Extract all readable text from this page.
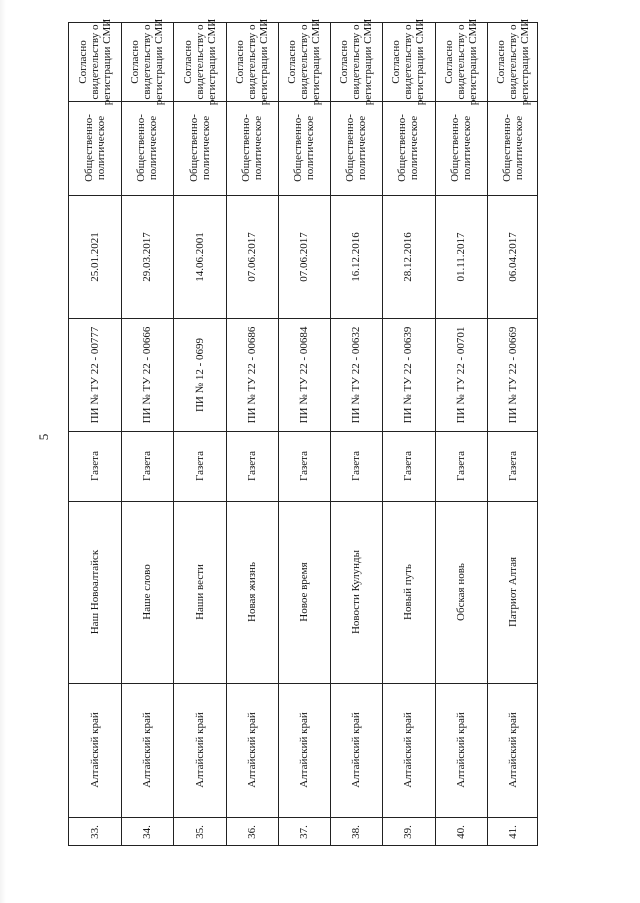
5
33.
Алтайский край
Наш Новоалтайск
Газета
ПИ № ТУ 22 - 00777
25.01.2021
Общественно-
политическое
Согласно
свидетельству о
регистрации СМИ
34.
Алтайский край
Наше слово
Газета
ПИ № ТУ 22 - 00666
29.03.2017
Общественно-
политическое
Согласно
свидетельству о
регистрации СМИ
35.
Алтайский край
Наши вести
Газета
ПИ № 12 - 0699
14.06.2001
Общественно-
политическое
Согласно
свидетельству о
регистрации СМИ
36.
Алтайский край
Новая жизнь
Газета
ПИ № ТУ 22 - 00686
07.06.2017
Общественно-
политическое
Согласно
свидетельству о
регистрации СМИ
37.
Алтайский край
Новое время
Газета
ПИ № ТУ 22 - 00684
07.06.2017
Общественно-
политическое
Согласно
свидетельству о
регистрации СМИ
38.
Алтайский край
Новости Кулунды
Газета
ПИ № ТУ 22 - 00632
16.12.2016
Общественно-
политическое
Согласно
свидетельству о
регистрации СМИ
39.
Алтайский край
Новый путь
Газета
ПИ № ТУ 22 - 00639
28.12.2016
Общественно-
политическое
Согласно
свидетельству о
регистрации СМИ
40.
Алтайский край
Обская новь
Газета
ПИ № ТУ 22 - 00701
01.11.2017
Общественно-
политическое
Согласно
свидетельству о
регистрации СМИ
41.
Алтайский край
Патриот Алтая
Газета
ПИ № ТУ 22 - 00669
06.04.2017
Общественно-
политическое
Согласно
свидетельству о
регистрации СМИ
